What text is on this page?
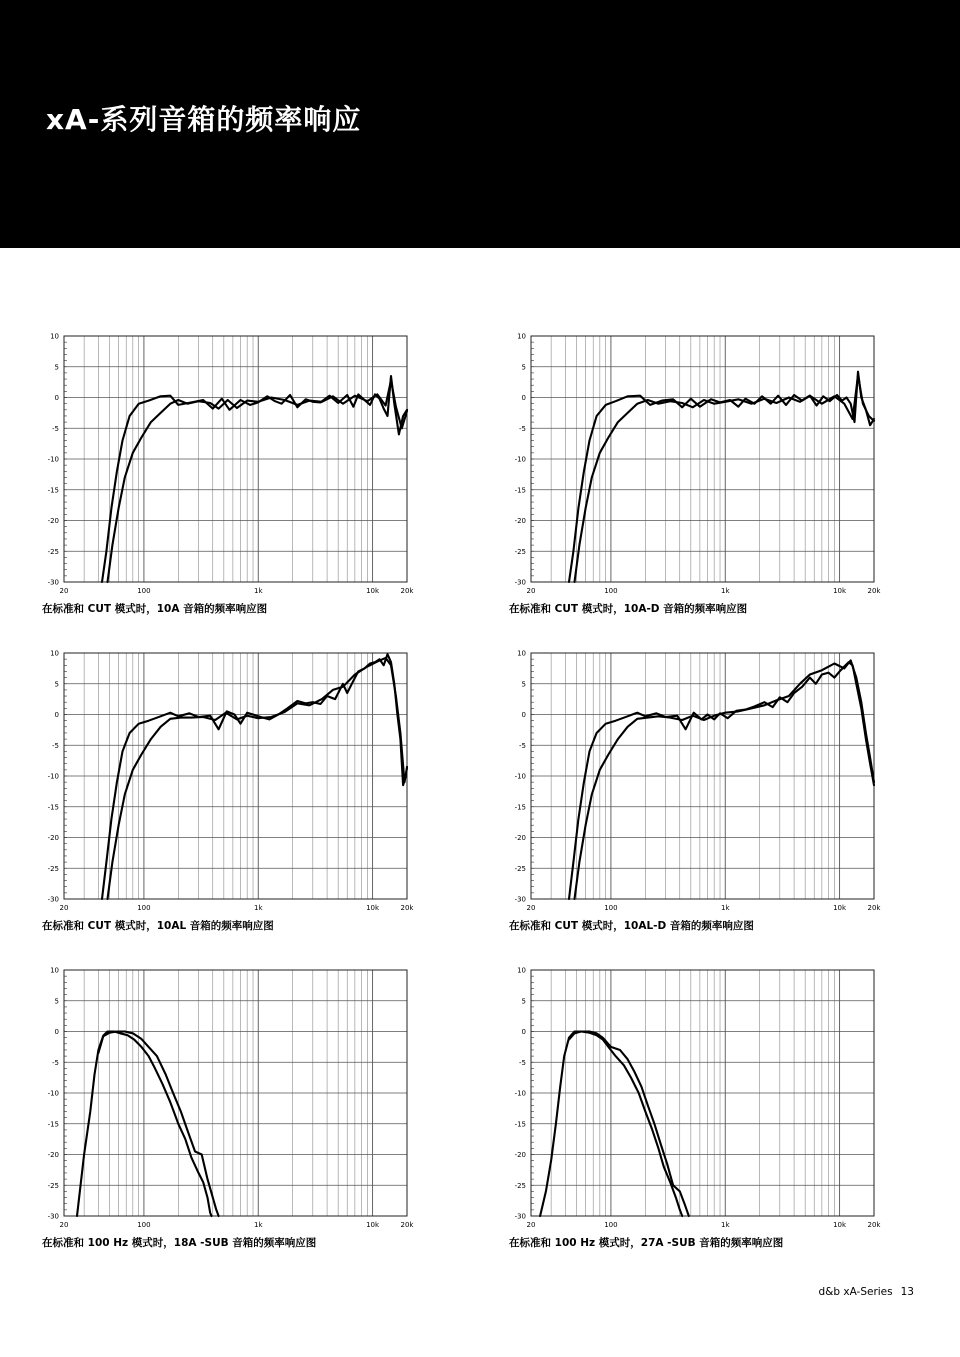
xA-系列音箱的频率响应
10
5
0
-5
-10
-15
-20
-25
-30
20	100	1k	10k	20k
在标准和 CUT 模式时，10A 音箱的频率响应图
10
5
0
-5
-10
-15
-20
-25
-30
20	100	1k	10k	20k
在标准和 CUT 模式时，10A-D 音箱的频率响应图
10
5
0
-5
-10
-15
-20
-25
-30
20	100	1k	10k	20k
在标准和 CUT 模式时，10AL 音箱的频率响应图
10
5
0
-5
-10
-15
-20
-25
-30
20	100	1k	10k	20k
在标准和 CUT 模式时，10AL-D 音箱的频率响应图
10
5
0
-5
-10
-15
-20
-25
-30
20	100	1k	10k	20k
在标准和 100 Hz 模式时，18A -SUB 音箱的频率响应图
10
5
0
-5
-10
-15
-20
-25
-30
20	100	1k	10k	20k
在标准和 100 Hz 模式时，27A -SUB 音箱的频率响应图
d&b xA-Series 13
